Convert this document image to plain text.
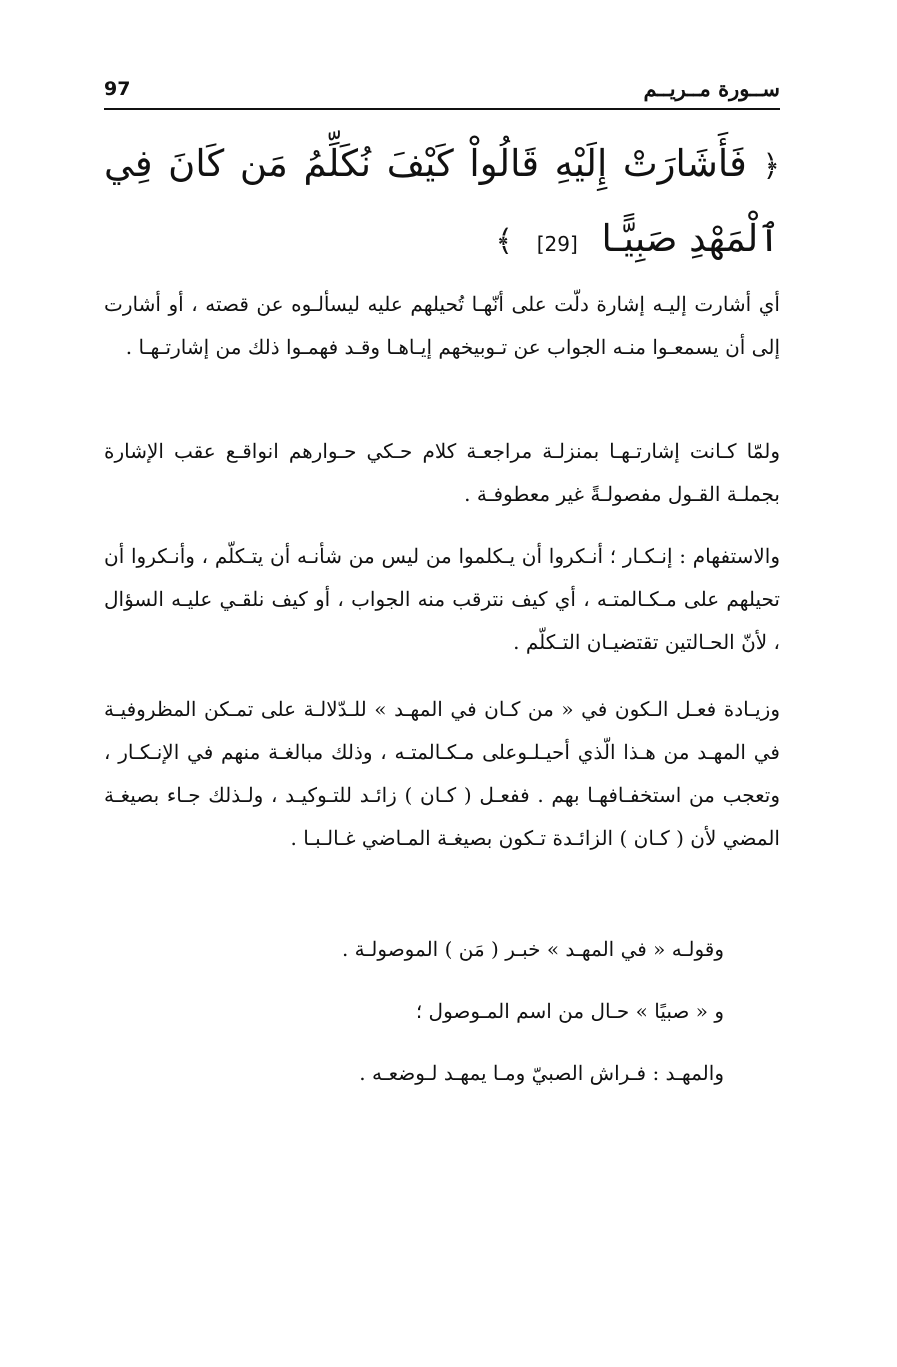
97	ســورة مــريــم
﴿ فَأَشَارَتْ إِلَيْهِ قَالُواْ كَيْفَ نُكَلِّمُ مَن كَانَ فِي ٱلْمَهْدِ صَبِيًّـا [29] ﴾

أي أشارت إليـه إشارة دلّت على أنّهـا تُحيلهم عليه ليسألـوه عن قصته ، أو أشارت إلى أن يسمعـوا منـه الجواب عن تـوبيخهم إيـاهـا وقـد فهمـوا ذلك من إشارتـهـا .

ولمّا كـانت إشارتـهـا بمنزلـة مراجعـة كلام حـكي حـوارهم انواقـع عقب الإشارة بجملـة القـول مفصولـةً غير معطوفـة .

والاستفهام : إنـكـار ؛ أنـكروا أن يـكلموا من ليس من شأنـه أن يتـكلّم ، وأنـكروا أن تحيلهم على مـكـالمتـه ، أي كيف نترقب منه الجواب ، أو كيف نلقـي عليـه السؤال ، لأنّ الحـالتين تقتضيـان التـكلّم .

وزيـادة فعـل الـكون في « من كـان في المهـد » للـدّلالـة على تمـكن المظروفيـة في المهـد من هـذا الّذي أحيـلـوعلى مـكـالمتـه ، وذلك مبالغـة منهم في الإنـكـار ، وتعجب من استخفـافهـا بهم . ففعـل ( كـان ) زائـد للتـوكيـد ، ولـذلك جـاء بصيغـة المضي لأن ( كـان ) الزائـدة تـكون بصيغـة المـاضي غـالـبـا .

وقولـه « في المهـد » خبـر ( مَن ) الموصولـة .
و « صبيًا » حـال من اسم المـوصول ؛
والمهـد : فـراش الصبيّ ومـا يمهـد لـوضعـه .
